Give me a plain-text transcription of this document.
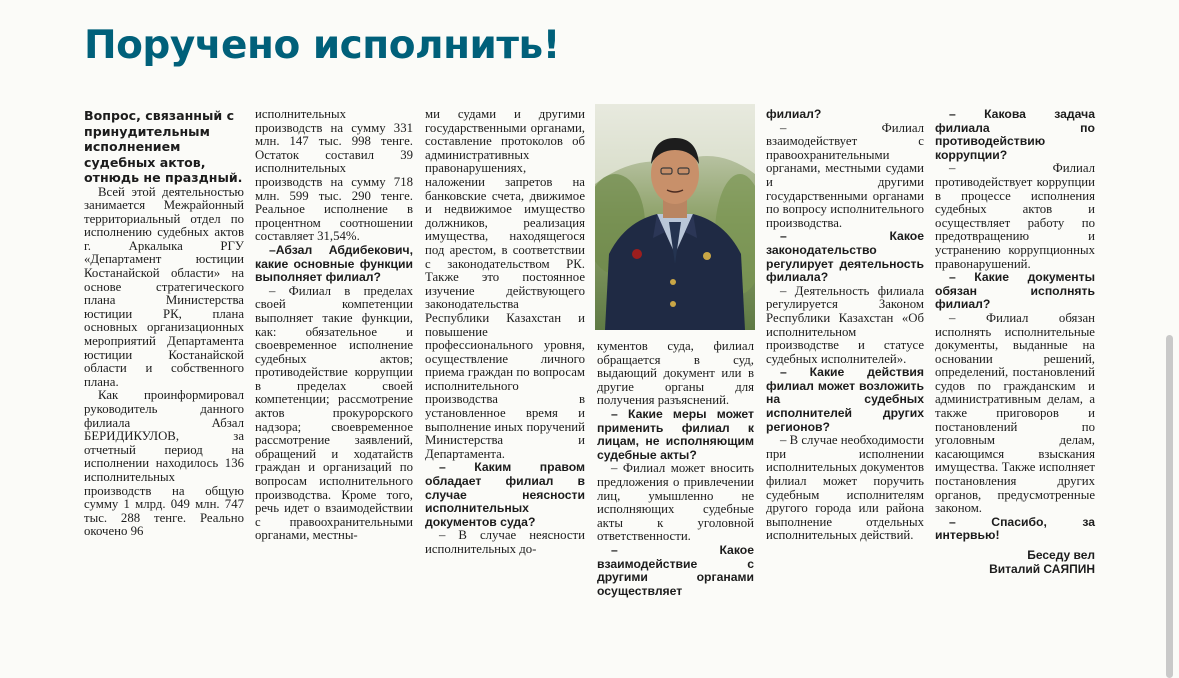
Поручено исполнить!

Вопрос, связанный с принудительным исполнением судебных актов, отнюдь не праздный.

Всей этой деятельностью занимается Межрайонный территориальный отдел по исполнению судебных актов г. Аркалыка РГУ «Департамент юстиции Костанайской области» на основе стратегического плана Министерства юстиции РК, плана основных организационных мероприятий Департамента юстиции Костанайской области и собственного плана.

Как проинформировал руководитель данного филиала Абзал БЕРИДИКУЛОВ, за отчетный период на исполнении находилось 136 исполнительных производств на общую сумму 1 млрд. 049 млн. 747 тыс. 288 тенге. Реально окочено 96

исполнительных производств на сумму 331 млн. 147 тыс. 998 тенге. Остаток составил 39 исполнительных производств на сумму 718 млн. 599 тыс. 290 тенге. Реальное исполнение в процентном соотношении составляет 31,54%.

–Абзал Абдибекович, какие основные функции выполняет филиал?

– Филиал в пределах своей компетенции выполняет такие функции, как: обязательное и своевременное исполнение судебных актов; противодействие коррупции в пределах своей компетенции; рассмотрение актов прокурорского надзора; своевременное рассмотрение заявлений, обращений и ходатайств граждан и организаций по вопросам исполнительного производства. Кроме того, речь идет о взаимодействии с правоохранительными органами, местны-

ми судами и другими государственными органами, составление протоколов об административных правонарушениях, наложении запретов на банковские счета, движимое и недвижимое имущество должников, реализация имущества, находящегося под арестом, в соответствии с законодательством РК. Также это постоянное изучение действующего законодательства Республики Казахстан и повышение профессионального уровня, осуществление личного приема граждан по вопросам исполнительного производства в установленное время и выполнение иных поручений Министерства и Департамента.

– Каким правом обладает филиал в случае неясности исполнительных документов суда?

– В случае неясности исполнительных до-

кументов суда, филиал обращается в суд, выдающий документ или в другие органы для получения разъяснений.

– Какие меры может применить филиал к лицам, не исполняющим судебные акты?

– Филиал может вносить предложения о привлечении лиц, умышленно не исполняющих судебные акты к уголовной ответственности.

– Какое взаимодействие с другими органами осуществляет

филиал?

– Филиал взаимодействует с правоохранительными органами, местными судами и другими государственными органами по вопросу исполнительного производства.

– Какое законодательство регулирует деятельность филиала?

– Деятельность филиала регулируется Законом Республики Казахстан «Об исполнительном производстве и статусе судебных исполнителей».

– Какие действия филиал может возложить на судебных исполнителей других регионов?

– В случае необходимости при исполнении исполнительных документов филиал может поручить судебным исполнителям другого города или района выполнение отдельных исполнительных действий.

– Какова задача филиала по противодействию коррупции?

– Филиал противодействует коррупции в процессе исполнения судебных актов и осуществляет работу по предотвращению и устранению коррупционных правонарушений.

– Какие документы обязан исполнять филиал?

– Филиал обязан исполнять исполнительные документы, выданные на основании решений, определений, постановлений судов по гражданским и административным делам, а также приговоров и постановлений по уголовным делам, касающимся взыскания имущества. Также исполняет постановления других органов, предусмотренные законом.

– Спасибо, за интервью!

Беседу вел
Виталий САЯПИН
